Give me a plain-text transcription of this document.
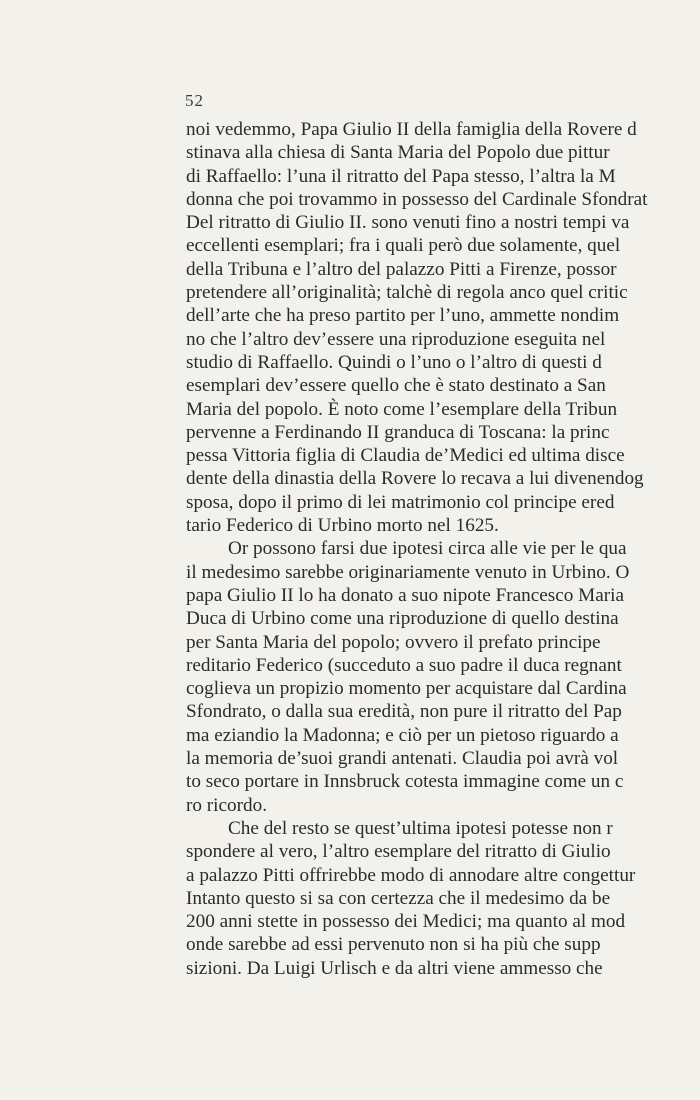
52
noi vedemmo, Papa Giulio II della famiglia della Rovere d
stinava alla chiesa di Santa Maria del Popolo due pittur
di Raffaello: l’una il ritratto del Papa stesso, l’altra la M
donna che poi trovammo in possesso del Cardinale Sfondrat
Del ritratto di Giulio II. sono venuti fino a nostri tempi va
eccellenti esemplari; fra i quali però due solamente, quel
della Tribuna e l’altro del palazzo Pitti a Firenze, possor
pretendere all’originalità; talchè di regola anco quel critic
dell’arte che ha preso partito per l’uno, ammette nondim
no che l’altro dev’essere una riproduzione eseguita nel
studio di Raffaello. Quindi o l’uno o l’altro di questi d
esemplari dev’essere quello che è stato destinato a San
Maria del popolo. È noto come l’esemplare della Tribun
pervenne a Ferdinando II granduca di Toscana: la princ
pessa Vittoria figlia di Claudia de’Medici ed ultima disce
dente della dinastia della Rovere lo recava a lui divenendog
sposa, dopo il primo di lei matrimonio col principe ered
tario Federico di Urbino morto nel 1625.
Or possono farsi due ipotesi circa alle vie per le qua
il medesimo sarebbe originariamente venuto in Urbino. O
papa Giulio II lo ha donato a suo nipote Francesco Maria
Duca di Urbino come una riproduzione di quello destina
per Santa Maria del popolo; ovvero il prefato principe
reditario Federico (succeduto a suo padre il duca regnant
coglieva un propizio momento per acquistare dal Cardina
Sfondrato, o dalla sua eredità, non pure il ritratto del Pap
ma eziandio la Madonna; e ciò per un pietoso riguardo a
la memoria de’suoi grandi antenati. Claudia poi avrà vol
to seco portare in Innsbruck cotesta immagine come un c
ro ricordo.
Che del resto se quest’ultima ipotesi potesse non r
spondere al vero, l’altro esemplare del ritratto di Giulio
a palazzo Pitti offrirebbe modo di annodare altre congettur
Intanto questo si sa con certezza che il medesimo da be
200 anni stette in possesso dei Medici; ma quanto al mod
onde sarebbe ad essi pervenuto non si ha più che supp
sizioni. Da Luigi Urlisch e da altri viene ammesso che
